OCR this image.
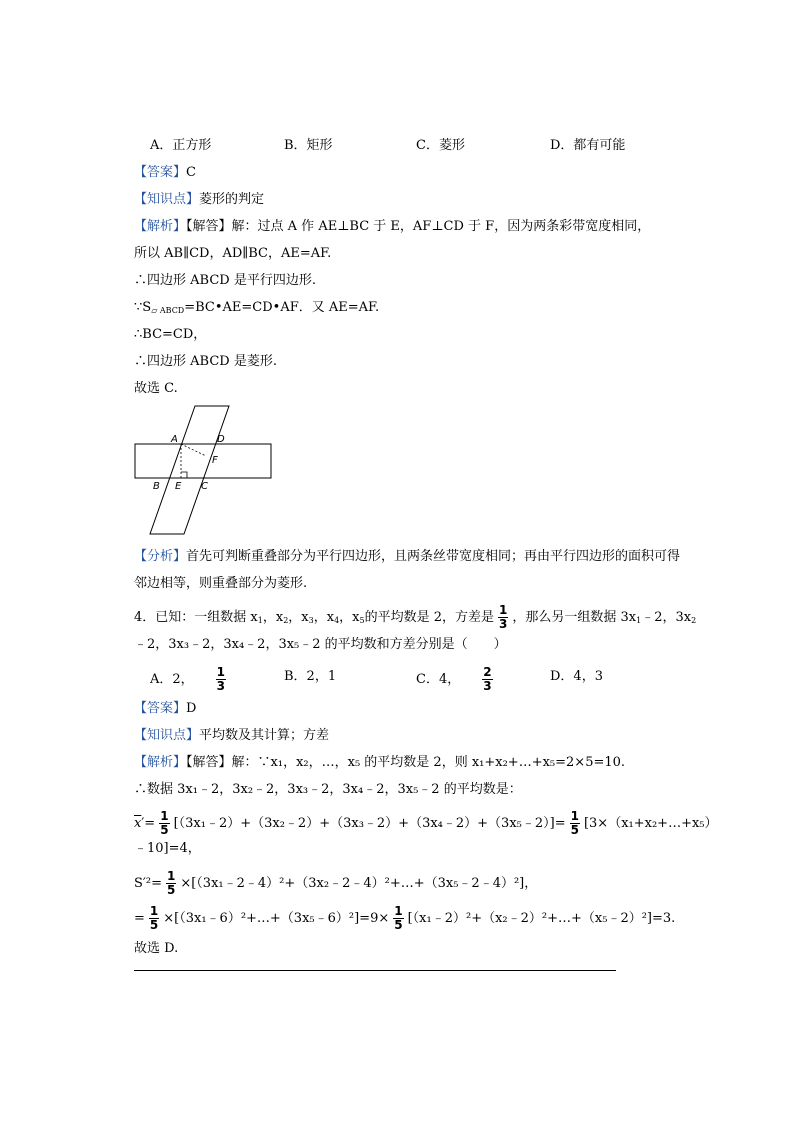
A．正方形	B．矩形	C．菱形	D．都有可能
【答案】C
【知识点】菱形的判定
【解析】【解答】解：过点 A 作 AE⊥BC 于 E，AF⊥CD 于 F，因为两条彩带宽度相同，
所以 AB∥CD，AD∥BC，AE=AF.
∴四边形 ABCD 是平行四边形.
$\because S_{▱ ABCD}=BC•AE=CD•AF$．又 AE=AF.
∴BC=CD，
∴四边形 ABCD 是菱形.
故选 C.
A	D
F
B E C
【分析】首先可判断重叠部分为平行四边形，且两条丝带宽度相同；再由平行四边形的面积可得
邻边相等，则重叠部分为菱形.
4．已知：一组数据 $x_1$，$x_2$，$x_3$，$x_4$，$x_5$的平均数是 2，方差是 $\frac{1}{3}$ ，那么另一组数据 $3x_1﹣2$，$3x_2$
﹣2，3x₃﹣2，3x₄﹣2，3x₅﹣2 的平均数和方差分别是（　　）
A．2， $\frac{1}{3}$	B．2，1	C．4， $\frac{2}{3}$	D．4，3
【答案】D
【知识点】平均数及其计算；方差
【解析】【解答】解：∵x₁，x₂，…，x₅ 的平均数是 2，则 x₁+x₂+…+x₅=2×5=10.
∴数据 3x₁﹣2，3x₂﹣2，3x₃﹣2，3x₄﹣2，3x₅﹣2 的平均数是：
$\overline{x}'= \frac{1}{5}$ [（3x₁﹣2）+（3x₂﹣2）+（3x₃﹣2）+（3x₄﹣2）+（3x₅﹣2）]= $\frac{1}{5}$ [3×（x₁+x₂+…+x₅）
﹣10]=4，
$S'^2= \frac{1}{5}$ ×[（3x₁﹣2﹣4）²+（3x₂﹣2﹣4）²+…+（3x₅﹣2﹣4）²]，
= $\frac{1}{5}$ ×[（3x₁﹣6）²+…+（3x₅﹣6）²]=9× $\frac{1}{5}$ [（x₁﹣2）²+（x₂﹣2）²+…+（x₅﹣2）²]=3.
故选 D.
